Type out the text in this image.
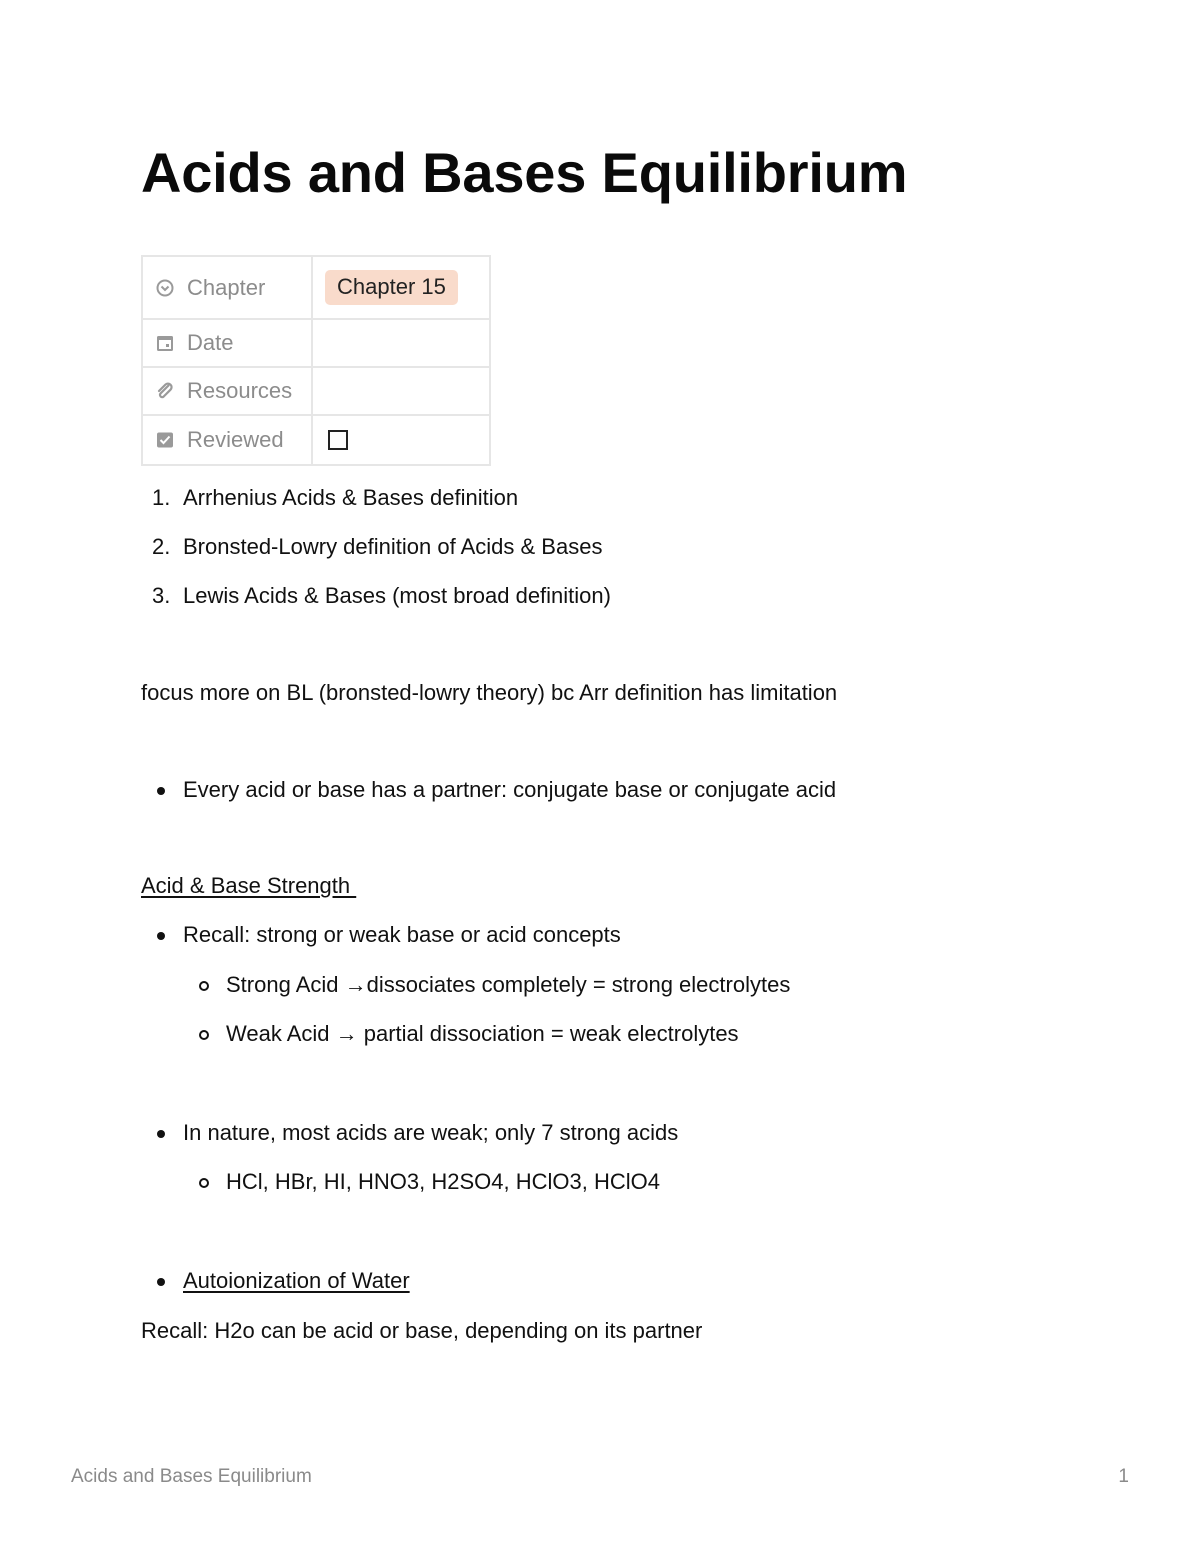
Acids and Bases Equilibrium
Chapter	Chapter 15

Date	

Resources	

Reviewed	

1. Arrhenius Acids & Bases definition
2. Bronsted-Lowry definition of Acids & Bases
3. Lewis Acids & Bases (most broad definition)
focus more on BL (bronsted-lowry theory) bc Arr definition has limitation
Every acid or base has a partner: conjugate base or conjugate acid
Acid & Base Strength
Recall: strong or weak base or acid concepts
Strong Acid →dissociates completely = strong electrolytes
Weak Acid → partial dissociation = weak electrolytes
In nature, most acids are weak; only 7 strong acids
HCl, HBr, HI, HNO3, H2SO4, HClO3, HClO4
Autoionization of Water
Recall: H2o can be acid or base, depending on its partner
Acids and Bases Equilibrium	1
